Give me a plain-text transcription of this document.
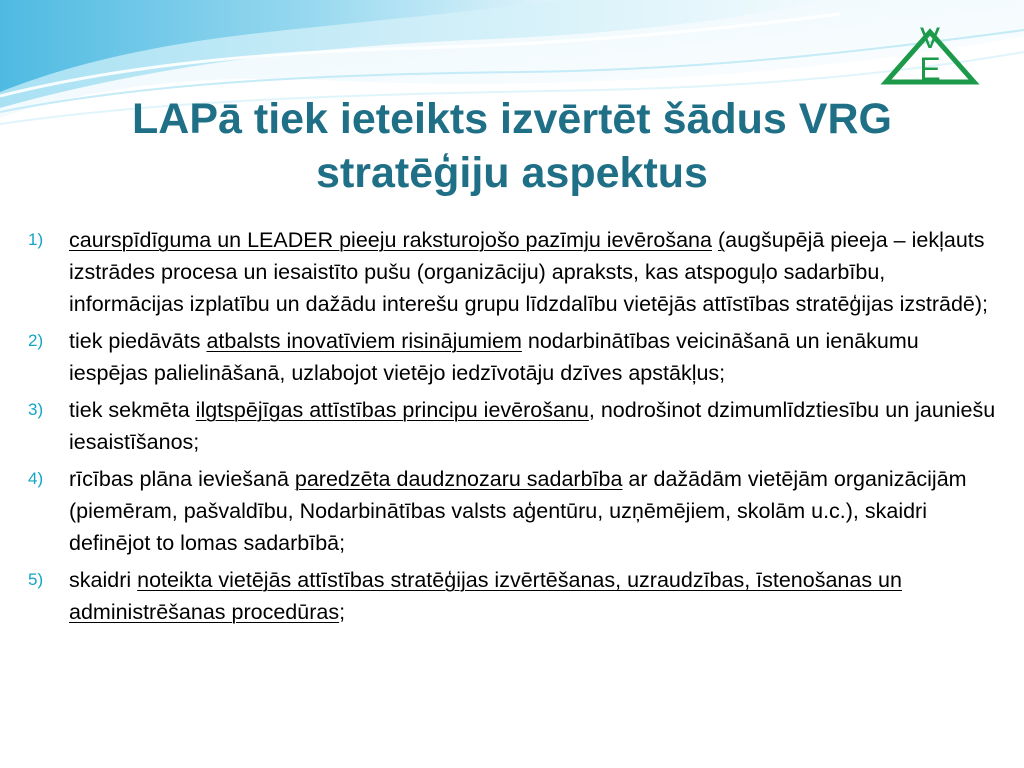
V
E
LAPā tiek ieteikts izvērtēt šādus VRG
stratēģiju aspektus
1)	caurspīdīguma un LEADER pieeju raksturojošo pazīmju ievērošana (augšupējā pieeja – iekļauts izstrādes procesa un iesaistīto pušu (organizāciju) apraksts, kas atspoguļo sadarbību, informācijas izplatību un dažādu interešu grupu līdzdalību vietējās attīstības stratēģijas izstrādē);
2)	tiek piedāvāts atbalsts inovatīviem risinājumiem nodarbinātības veicināšanā un ienākumu iespējas palielināšanā, uzlabojot vietējo iedzīvotāju dzīves apstākļus;
3)	tiek sekmēta ilgtspējīgas attīstības principu ievērošanu, nodrošinot dzimumlīdztiesību un jauniešu iesaistīšanos;
4)	rīcības plāna ieviešanā paredzēta daudznozaru sadarbība ar dažādām vietējām organizācijām (piemēram, pašvaldību, Nodarbinātības valsts aģentūru, uzņēmējiem, skolām u.c.), skaidri definējot to lomas sadarbībā;
5)	skaidri noteikta vietējās attīstības stratēģijas izvērtēšanas, uzraudzības, īstenošanas un administrēšanas procedūras;
